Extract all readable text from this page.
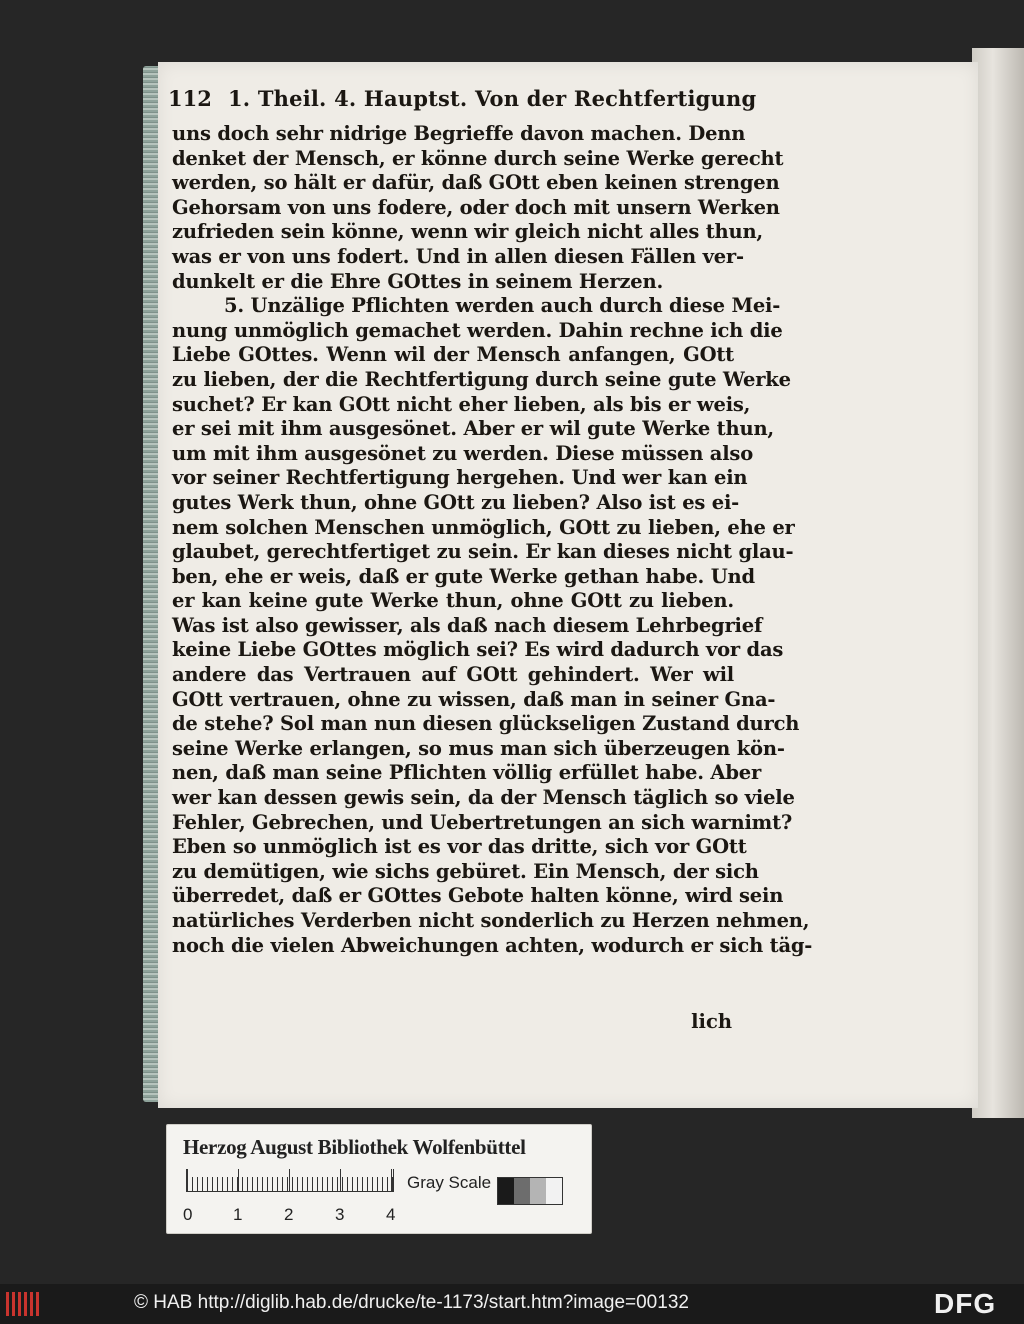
112 1. Theil. 4. Hauptst. Von der Rechtfertigung
uns doch sehr nidrige Begrieffe davon machen. Denn
denket der Mensch, er könne durch seine Werke gerecht
werden, so hält er dafür, daß GOtt eben keinen strengen
Gehorsam von uns fodere, oder doch mit unsern Werken
zufrieden sein könne, wenn wir gleich nicht alles thun,
was er von uns fodert. Und in allen diesen Fällen ver-
dunkelt er die Ehre GOttes in seinem Herzen.
5. Unzälige Pflichten werden auch durch diese Mei-
nung unmöglich gemachet werden. Dahin rechne ich die
Liebe GOttes. Wenn wil der Mensch anfangen, GOtt
zu lieben, der die Rechtfertigung durch seine gute Werke
suchet? Er kan GOtt nicht eher lieben, als bis er weis,
er sei mit ihm ausgesönet. Aber er wil gute Werke thun,
um mit ihm ausgesönet zu werden. Diese müssen also
vor seiner Rechtfertigung hergehen. Und wer kan ein
gutes Werk thun, ohne GOtt zu lieben? Also ist es ei-
nem solchen Menschen unmöglich, GOtt zu lieben, ehe er
glaubet, gerechtfertiget zu sein. Er kan dieses nicht glau-
ben, ehe er weis, daß er gute Werke gethan habe. Und
er kan keine gute Werke thun, ohne GOtt zu lieben.
Was ist also gewisser, als daß nach diesem Lehrbegrief
keine Liebe GOttes möglich sei? Es wird dadurch vor das
andere das Vertrauen auf GOtt gehindert. Wer wil
GOtt vertrauen, ohne zu wissen, daß man in seiner Gna-
de stehe? Sol man nun diesen glückseligen Zustand durch
seine Werke erlangen, so mus man sich überzeugen kön-
nen, daß man seine Pflichten völlig erfüllet habe. Aber
wer kan dessen gewis sein, da der Mensch täglich so viele
Fehler, Gebrechen, und Uebertretungen an sich warnimt?
Eben so unmöglich ist es vor das dritte, sich vor GOtt
zu demütigen, wie sichs gebüret. Ein Mensch, der sich
überredet, daß er GOttes Gebote halten könne, wird sein
natürliches Verderben nicht sonderlich zu Herzen nehmen,
noch die vielen Abweichungen achten, wodurch er sich täg-
lich
Herzog August Bibliothek Wolfenbüttel
0 1 2 3 4
Gray Scale
© HAB http://diglib.hab.de/drucke/te-1173/start.htm?image=00132	DFG
